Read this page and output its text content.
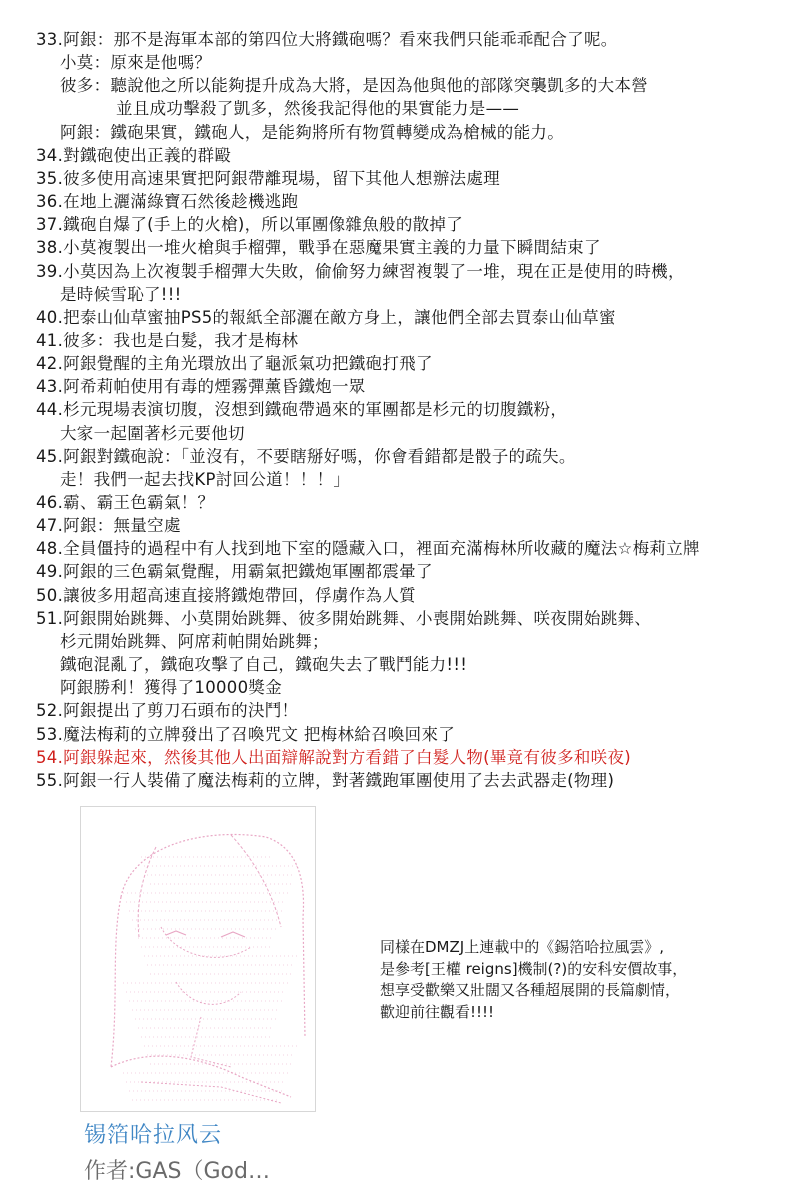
33.阿銀：那不是海軍本部的第四位大將鐵砲嗎？看來我們只能乖乖配合了呢。
小莫：原來是他嗎？
彼多：聽說他之所以能夠提升成為大將，是因為他與他的部隊突襲凱多的大本營
並且成功擊殺了凱多，然後我記得他的果實能力是——
阿銀：鐵砲果實，鐵砲人，是能夠將所有物質轉變成為槍械的能力。
34.對鐵砲使出正義的群毆
35.彼多使用高速果實把阿銀帶離現場，留下其他人想辦法處理
36.在地上灑滿綠寶石然後趁機逃跑
37.鐵砲自爆了(手上的火槍)，所以軍團像雜魚般的散掉了
38.小莫複製出一堆火槍與手榴彈，戰爭在惡魔果實主義的力量下瞬間結束了
39.小莫因為上次複製手榴彈大失敗，偷偷努力練習複製了一堆，現在正是使用的時機，
是時候雪恥了!!!
40.把泰山仙草蜜抽PS5的報紙全部灑在敵方身上，讓他們全部去買泰山仙草蜜
41.彼多：我也是白髮，我才是梅林
42.阿銀覺醒的主角光環放出了龜派氣功把鐵砲打飛了
43.阿希莉帕使用有毒的煙霧彈薰昏鐵炮一眾
44.杉元現場表演切腹，沒想到鐵砲帶過來的軍團都是杉元的切腹鐵粉，
大家一起圍著杉元要他切
45.阿銀對鐵砲說：「並沒有，不要瞎掰好嗎，你會看錯都是骰子的疏失。
走！我們一起去找KP討回公道！！！」
46.霸、霸王色霸氣！？
47.阿銀：無量空處
48.全員僵持的過程中有人找到地下室的隱藏入口，裡面充滿梅林所收藏的魔法☆梅莉立牌
49.阿銀的三色霸氣覺醒，用霸氣把鐵炮軍團都震暈了
50.讓彼多用超高速直接將鐵炮帶回，俘虜作為人質
51.阿銀開始跳舞、小莫開始跳舞、彼多開始跳舞、小喪開始跳舞、咲夜開始跳舞、
杉元開始跳舞、阿席莉帕開始跳舞；
鐵砲混亂了，鐵砲攻擊了自己，鐵砲失去了戰鬥能力!!!
阿銀勝利！獲得了10000獎金
52.阿銀提出了剪刀石頭布的決鬥！
53.魔法梅莉的立牌發出了召喚咒文 把梅林給召喚回來了
54.阿銀躲起來，然後其他人出面辯解說對方看錯了白髮人物(畢竟有彼多和咲夜)
55.阿銀一行人裝備了魔法梅莉的立牌，對著鐵跑軍團使用了去去武器走(物理)
锡箔哈拉风云
作者:GAS（God…
同樣在DMZJ上連載中的《錫箔哈拉風雲》,
是參考[王權 reigns]機制(?)的安科安價故事，
想享受歡樂又壯闊又各種超展開的長篇劇情，
歡迎前往觀看!!!!
